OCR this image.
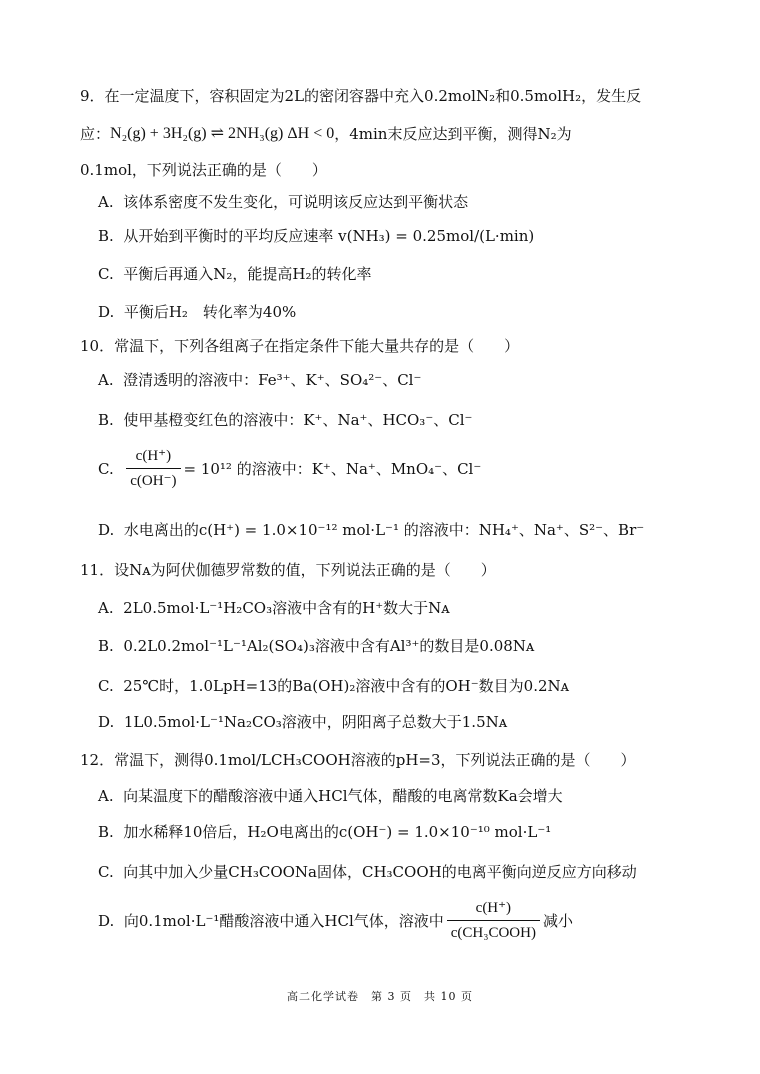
9．在一定温度下，容积固定为2L的密闭容器中充入0.2molN₂和0.5molH₂，发生反
应： N₂(g) + 3H₂(g) ⇌ 2NH₃(g) ΔH < 0 ，4min末反应达到平衡，测得N₂为
0.1mol，下列说法正确的是（　　）
A.
该体系密度不发生变化，可说明该反应达到平衡状态
B.
从开始到平衡时的平均反应速率 v(NH₃) = 0.25mol/(L·min)
C.
平衡后再通入N₂，能提高H₂的转化率
D.
平衡后H₂　转化率为40%
10．常温下，下列各组离子在指定条件下能大量共存的是（　　）
A.
澄清透明的溶液中：Fe³⁺、K⁺、SO₄²⁻、Cl⁻
B.
使甲基橙变红色的溶液中：K⁺、Na⁺、HCO₃⁻、Cl⁻
C.
$\frac{c(H^+)}{c(OH^-)} = 10^{12}$ 的溶液中：K⁺、Na⁺、MnO₄⁻、Cl⁻
D.
水电离出的c(H⁺) = 1.0×10⁻¹² mol·L⁻¹ 的溶液中：NH₄⁺、Na⁺、S²⁻、Br⁻
11．设Nᴀ为阿伏伽德罗常数的值，下列说法正确的是（　　）
A.
2L0.5mol·L⁻¹H₂CO₃溶液中含有的H⁺数大于Nᴀ
B.
0.2L0.2mol⁻¹L⁻¹Al₂(SO₄)₃溶液中含有Al³⁺的数目是0.08Nᴀ
C.
25℃时，1.0LpH=13的Ba(OH)₂溶液中含有的OH⁻数目为0.2Nᴀ
D.
1L0.5mol·L⁻¹Na₂CO₃溶液中，阴阳离子总数大于1.5Nᴀ
12．常温下，测得0.1mol/LCH₃COOH溶液的pH=3，下列说法正确的是（　　）
A.
向某温度下的醋酸溶液中通入HCl气体，醋酸的电离常数Ka会增大
B.
加水稀释10倍后，H₂O电离出的c(OH⁻) = 1.0×10⁻¹⁰ mol·L⁻¹
C.
向其中加入少量CH₃COONa固体，CH₃COOH的电离平衡向逆反应方向移动
D.
向0.1mol·L⁻¹醋酸溶液中通入HCl气体，溶液中 $\frac{c(H^+)}{\text{c(CH₃COOH)}}$ 减小
高二化学试卷　第 3 页　共 10 页
